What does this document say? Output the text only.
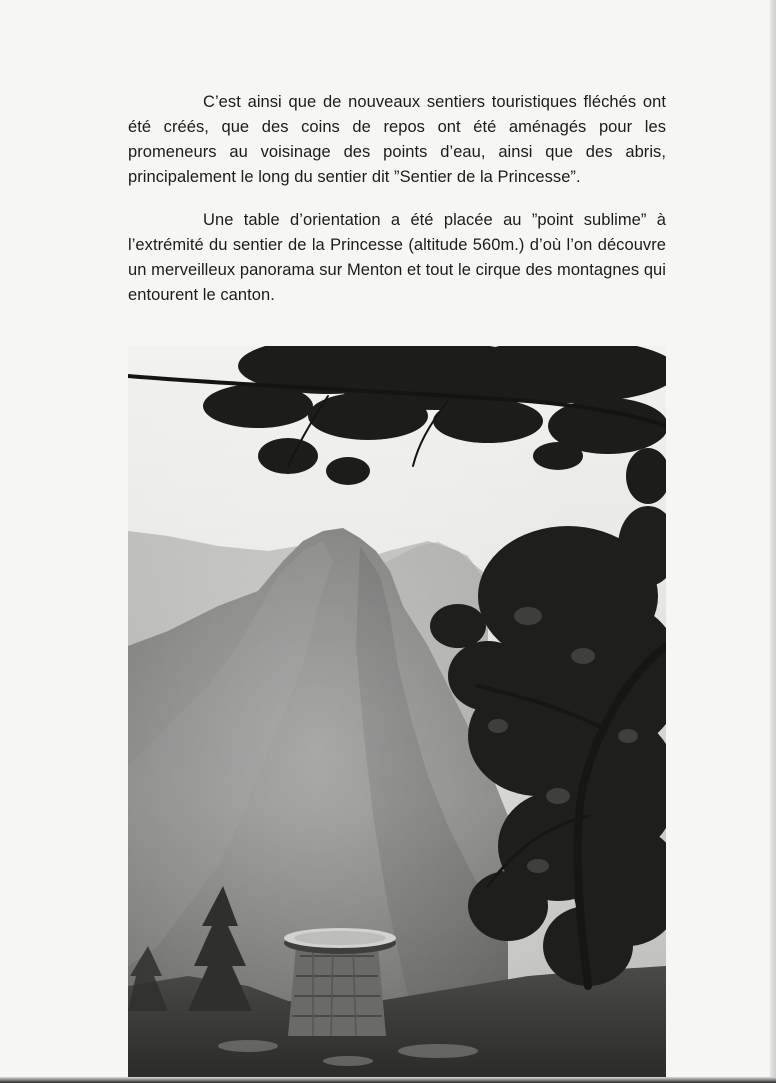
C’est ainsi que de nouveaux sentiers touristiques fléchés ont été créés, que des coins de repos ont été aménagés pour les promeneurs au voisinage des points d’eau, ainsi que des abris, principalement le long du sentier dit ”Sentier de la Princesse”.

Une table d’orientation a été placée au ”point sublime” à l’extrémité du sentier de la Princesse (altitude 560m.) d’où l’on découvre un merveilleux panorama sur Menton et tout le cirque des montagnes qui entourent le canton.
